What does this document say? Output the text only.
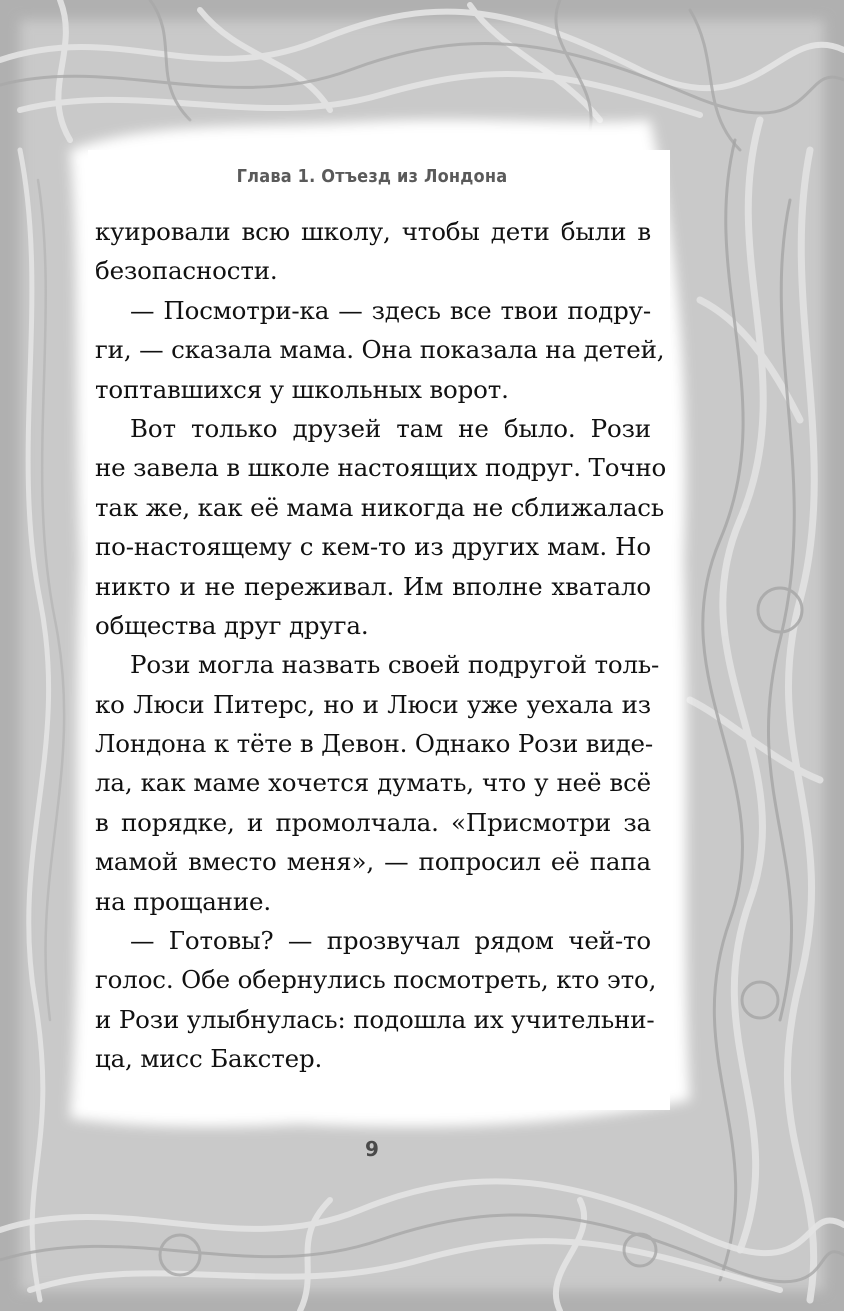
Глава 1. Отъезд из Лондона
куировали всю школу, чтобы дети были в
безопасности.
— Посмотри-ка — здесь все твои подру-
ги, — сказала мама. Она показала на детей,
топтавшихся у школьных ворот.
Вот только друзей там не было. Рози
не завела в школе настоящих подруг. Точно
так же, как её мама никогда не сближалась
по-настоящему с кем-то из других мам. Но
никто и не переживал. Им вполне хватало
общества друг друга.
Рози могла назвать своей подругой толь-
ко Люси Питерс, но и Люси уже уехала из
Лондона к тёте в Девон. Однако Рози виде-
ла, как маме хочется думать, что у неё всё
в порядке, и промолчала. «Присмотри за
мамой вместо меня», — попросил её папа
на прощание.
— Готовы? — прозвучал рядом чей-то
голос. Обе обернулись посмотреть, кто это,
и Рози улыбнулась: подошла их учительни-
ца, мисс Бакстер.
9
